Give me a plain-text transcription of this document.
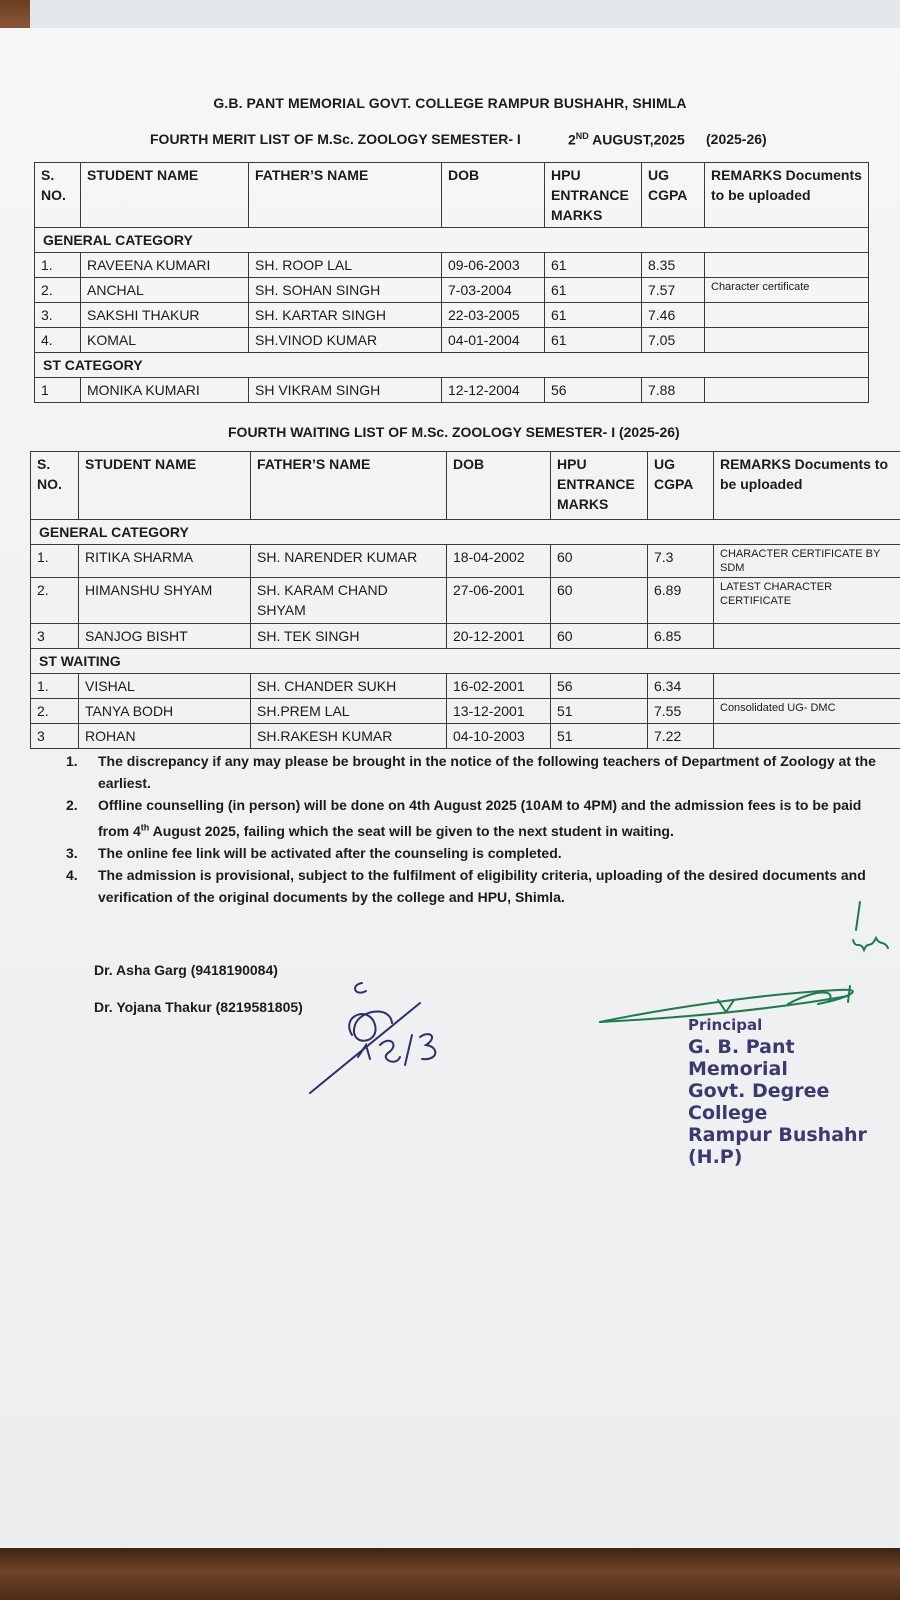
G.B. PANT MEMORIAL GOVT. COLLEGE RAMPUR BUSHAHR, SHIMLA
FOURTH MERIT LIST OF M.Sc. ZOOLOGY SEMESTER- I	2ND AUGUST,2025 (2025-26)
S. NO.	STUDENT NAME	FATHER’S NAME	DOB	HPU ENTRANCE MARKS	UG CGPA	REMARKS Documents to be uploaded
GENERAL CATEGORY						
1.	RAVEENA KUMARI	SH. ROOP LAL	09-06-2003	61	8.35	
2.	ANCHAL	SH. SOHAN SINGH	7-03-2004	61	7.57	Character certificate
3.	SAKSHI THAKUR	SH. KARTAR SINGH	22-03-2005	61	7.46	
4.	KOMAL	SH.VINOD KUMAR	04-01-2004	61	7.05	
ST CATEGORY						
1	MONIKA KUMARI	SH VIKRAM SINGH	12-12-2004	56	7.88	
FOURTH WAITING LIST OF M.Sc. ZOOLOGY SEMESTER- I (2025-26)
S. NO.	STUDENT NAME	FATHER’S NAME	DOB	HPU ENTRANCE MARKS	UG CGPA	REMARKS Documents to be uploaded
GENERAL CATEGORY						
1.	RITIKA SHARMA	SH. NARENDER KUMAR	18-04-2002	60	7.3	CHARACTER CERTIFICATE BY SDM
2.	HIMANSHU SHYAM	SH. KARAM CHAND SHYAM	27-06-2001	60	6.89	LATEST CHARACTER CERTIFICATE
3	SANJOG BISHT	SH. TEK SINGH	20-12-2001	60	6.85	
ST WAITING						
1.	VISHAL	SH. CHANDER SUKH	16-02-2001	56	6.34	
2.	TANYA BODH	SH.PREM LAL	13-12-2001	51	7.55	Consolidated UG- DMC
3	ROHAN	SH.RAKESH KUMAR	04-10-2003	51	7.22	
1. The discrepancy if any may please be brought in the notice of the following teachers of Department of Zoology at the earliest.
2. Offline counselling (in person) will be done on 4th August 2025 (10AM to 4PM) and the admission fees is to be paid from 4th August 2025, failing which the seat will be given to the next student in waiting.
3. The online fee link will be activated after the counseling is completed.
4. The admission is provisional, subject to the fulfilment of eligibility criteria, uploading of the desired documents and verification of the original documents by the college and HPU, Shimla.
Dr. Asha Garg (9418190084)
Dr. Yojana Thakur (8219581805)
Principal
G. B. Pant Memorial
Govt. Degree College
Rampur Bushahr (H.P)
